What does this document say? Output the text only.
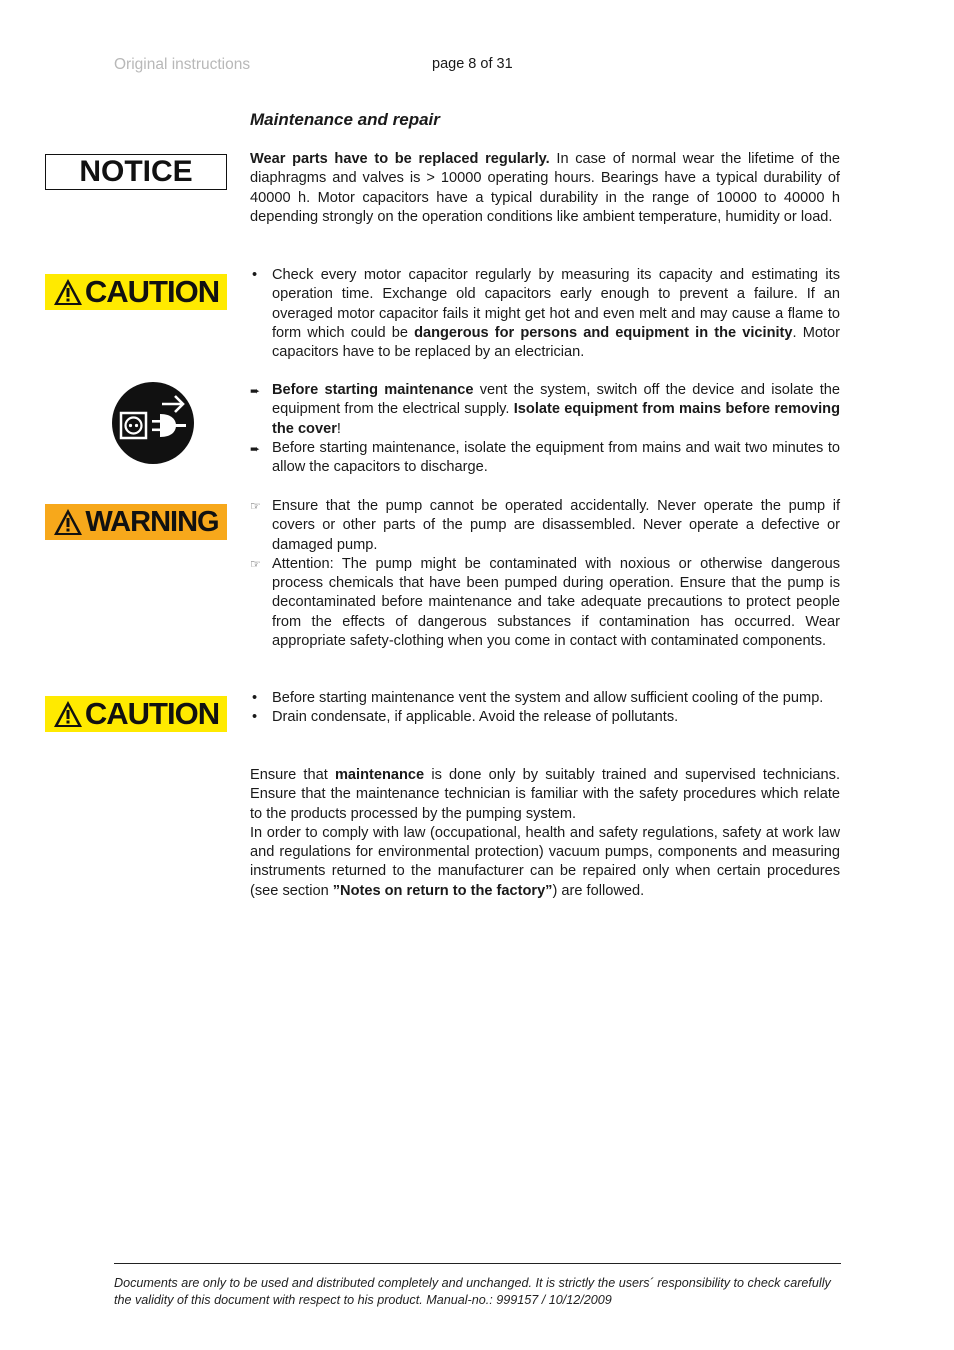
Original instructions	page 8 of 31
Maintenance and repair
NOTICE	Wear parts have to be replaced regularly. In case of normal wear the lifetime of the diaphragms and valves is > 10000 operating hours. Bearings have a typical durability of 40000 h. Motor capacitors have a typical durability in the range of 10000 to 40000 h depending strongly on the operation conditions like ambient temperature, humidity or load.

CAUTION •	Check every motor capacitor regularly by measuring its capacity and estimating its operation time. Exchange old capacitors early enough to prevent a failure. If an overaged motor capacitor fails it might get hot and even melt and may cause a flame to form which could be dangerous for persons and equipment in the vicinity. Motor capacitors have to be replaced by an electrician.
➨ Before starting maintenance vent the system, switch off the device and isolate the equipment from the electrical supply. Isolate equipment from mains before removing the cover!
➨ Before starting maintenance, isolate the equipment from mains and wait two minutes to allow the capacitors to discharge.
WARNING	☞ Ensure that the pump cannot be operated accidentally. Never operate the pump if covers or other parts of the pump are disassembled. Never operate a defective or damaged pump.
☞ Attention: The pump might be contaminated with noxious or otherwise dangerous process chemicals that have been pumped during operation. Ensure that the pump is decontaminated before maintenance and take adequate precautions to protect people from the effects of dangerous substances if contamination has occurred. Wear appropriate safety-clothing when you come in contact with contaminated components.
CAUTION •	Before starting maintenance vent the system and allow sufficient cooling of the pump.
•	Drain condensate, if applicable. Avoid the release of pollutants.

Ensure that maintenance is done only by suitably trained and supervised technicians. Ensure that the maintenance technician is familiar with the safety procedures which relate to the products processed by the pumping system.

In order to comply with law (occupational, health and safety regulations, safety at work law and regulations for environmental protection) vacuum pumps, components and measuring instruments returned to the manufacturer can be repaired only when certain procedures (see section ”Notes on return to the factory”) are followed.

Documents are only to be used and distributed completely and unchanged. It is strictly the users´ responsibility to check carefully the validity of this document with respect to his product. Manual-no.: 999157 / 10/12/2009
